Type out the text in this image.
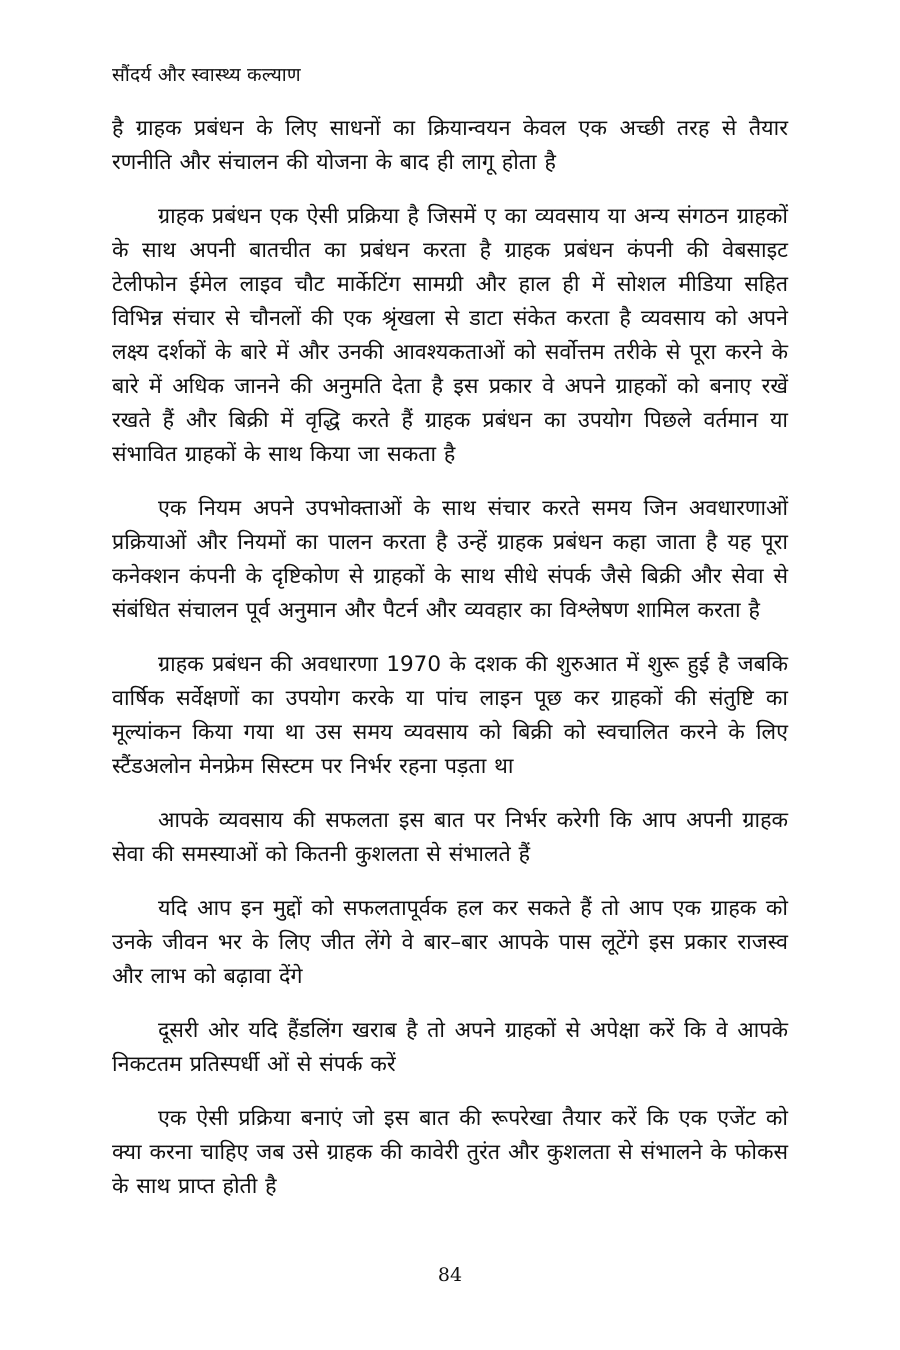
सौंदर्य और स्वास्थ्य कल्याण

है ग्राहक प्रबंधन के लिए साधनों का क्रियान्वयन केवल एक अच्छी तरह से तैयार रणनीति और संचालन की योजना के बाद ही लागू होता है

ग्राहक प्रबंधन एक ऐसी प्रक्रिया है जिसमें ए का व्यवसाय या अन्य संगठन ग्राहकों के साथ अपनी बातचीत का प्रबंधन करता है ग्राहक प्रबंधन कंपनी की वेबसाइट टेलीफोन ईमेल लाइव चौट मार्केटिंग सामग्री और हाल ही में सोशल मीडिया सहित विभिन्न संचार से चौनलों की एक श्रृंखला से डाटा संकेत करता है व्यवसाय को अपने लक्ष्य दर्शकों के बारे में और उनकी आवश्यकताओं को सर्वोत्तम तरीके से पूरा करने के बारे में अधिक जानने की अनुमति देता है इस प्रकार वे अपने ग्राहकों को बनाए रखें रखते हैं और बिक्री में वृद्धि करते हैं ग्राहक प्रबंधन का उपयोग पिछले वर्तमान या संभावित ग्राहकों के साथ किया जा सकता है

एक नियम अपने उपभोक्ताओं के साथ संचार करते समय जिन अवधारणाओं प्रक्रियाओं और नियमों का पालन करता है उन्हें ग्राहक प्रबंधन कहा जाता है यह पूरा कनेक्शन कंपनी के दृष्टिकोण से ग्राहकों के साथ सीधे संपर्क जैसे बिक्री और सेवा से संबंधित संचालन पूर्व अनुमान और पैटर्न और व्यवहार का विश्लेषण शामिल करता है

ग्राहक प्रबंधन की अवधारणा 1970 के दशक की शुरुआत में शुरू हुई है जबकि वार्षिक सर्वेक्षणों का उपयोग करके या पांच लाइन पूछ कर ग्राहकों की संतुष्टि का मूल्यांकन किया गया था उस समय व्यवसाय को बिक्री को स्वचालित करने के लिए स्टैंडअलोन मेनफ्रेम सिस्टम पर निर्भर रहना पड़ता था

आपके व्यवसाय की सफलता इस बात पर निर्भर करेगी कि आप अपनी ग्राहक सेवा की समस्याओं को कितनी कुशलता से संभालते हैं

यदि आप इन मुद्दों को सफलतापूर्वक हल कर सकते हैं तो आप एक ग्राहक को उनके जीवन भर के लिए जीत लेंगे वे बार–बार आपके पास लूटेंगे इस प्रकार राजस्व और लाभ को बढ़ावा देंगे

दूसरी ओर यदि हैंडलिंग खराब है तो अपने ग्राहकों से अपेक्षा करें कि वे आपके निकटतम प्रतिस्पर्धी ओं से संपर्क करें

एक ऐसी प्रक्रिया बनाएं जो इस बात की रूपरेखा तैयार करें कि एक एजेंट को क्या करना चाहिए जब उसे ग्राहक की कावेरी तुरंत और कुशलता से संभालने के फोकस के साथ प्राप्त होती है

84
